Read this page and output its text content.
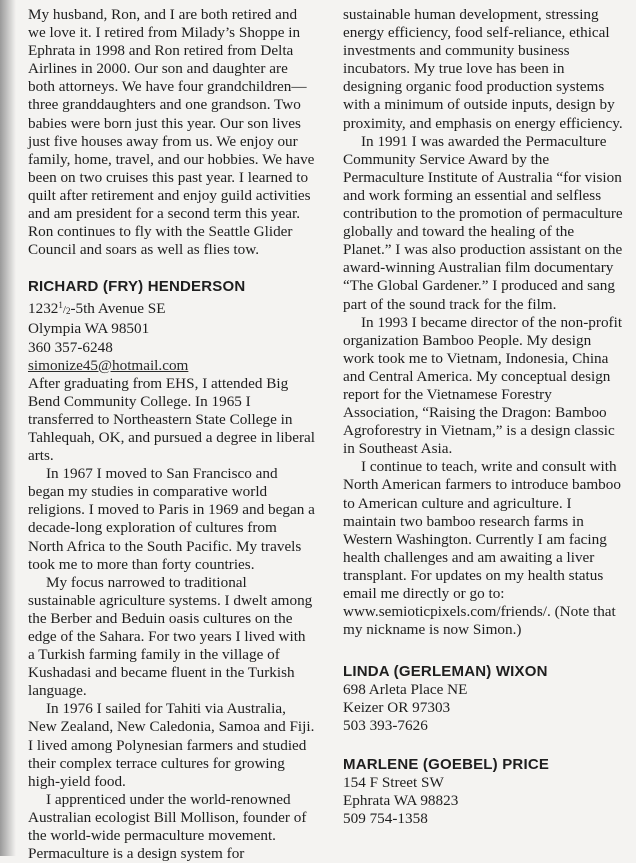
My husband, Ron, and I are both retired and we love it. I retired from Milady’s Shoppe in Ephrata in 1998 and Ron retired from Delta Airlines in 2000. Our son and daughter are both attorneys. We have four grandchildren—three granddaughters and one grandson. Two babies were born just this year. Our son lives just five houses away from us. We enjoy our family, home, travel, and our hobbies. We have been on two cruises this past year. I learned to quilt after retirement and enjoy guild activities and am president for a second term this year. Ron continues to fly with the Seattle Glider Council and soars as well as flies tow.

RICHARD (FRY) HENDERSON

$1232^1/_2-5th$ Avenue SE

Olympia WA 98501

360 357-6248

simonize45@hotmail.com

After graduating from EHS, I attended Big Bend Community College. In 1965 I transferred to Northeastern State College in Tahlequah, OK, and pursued a degree in liberal arts.

In 1967 I moved to San Francisco and began my studies in comparative world religions. I moved to Paris in 1969 and began a decade-long exploration of cultures from North Africa to the South Pacific. My travels took me to more than forty countries.

My focus narrowed to traditional sustainable agriculture systems. I dwelt among the Berber and Beduin oasis cultures on the edge of the Sahara. For two years I lived with a Turkish farming family in the village of Kushadasi and became fluent in the Turkish language.

In 1976 I sailed for Tahiti via Australia, New Zealand, New Caledonia, Samoa and Fiji. I lived among Polynesian farmers and studied their complex terrace cultures for growing high-yield food.

I apprenticed under the world-renowned Australian ecologist Bill Mollison, founder of the world-wide permaculture movement. Permaculture is a design system for

sustainable human development, stressing energy efficiency, food self-reliance, ethical investments and community business incubators. My true love has been in designing organic food production systems with a minimum of outside inputs, design by proximity, and emphasis on energy efficiency.

In 1991 I was awarded the Permaculture Community Service Award by the Permaculture Institute of Australia “for vision and work forming an essential and selfless contribution to the promotion of permaculture globally and toward the healing of the Planet.” I was also production assistant on the award-winning Australian film documentary “The Global Gardener.” I produced and sang part of the sound track for the film.

In 1993 I became director of the non-profit organization Bamboo People. My design work took me to Vietnam, Indonesia, China and Central America. My conceptual design report for the Vietnamese Forestry Association, “Raising the Dragon: Bamboo Agroforestry in Vietnam,” is a design classic in Southeast Asia.

I continue to teach, write and consult with North American farmers to introduce bamboo to American culture and agriculture. I maintain two bamboo research farms in Western Washington. Currently I am facing health challenges and am awaiting a liver transplant. For updates on my health status email me directly or go to: www.semioticpixels.com/friends/. (Note that my nickname is now Simon.)

LINDA (GERLEMAN) WIXON

698 Arleta Place NE

Keizer OR 97303

503 393-7626

MARLENE (GOEBEL) PRICE

154 F Street SW

Ephrata WA 98823

509 754-1358
